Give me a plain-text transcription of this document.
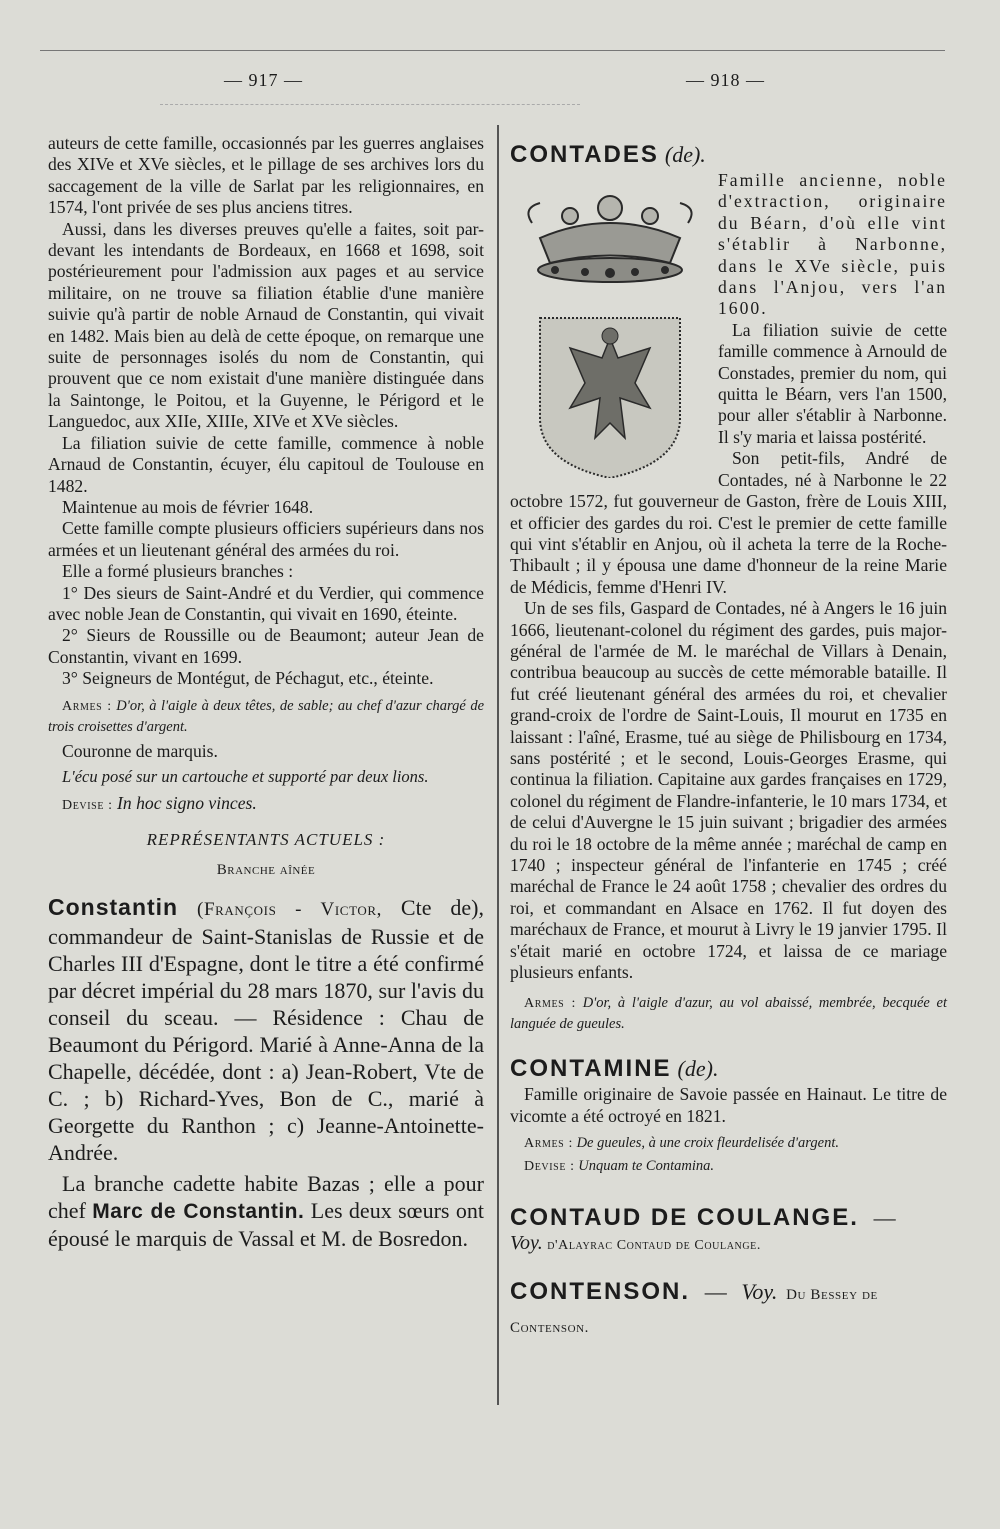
— 917 —	— 918 —

auteurs de cette famille, occasionnés par les guerres anglaises des XIVe et XVe siècles, et le pillage de ses archives lors du saccagement de la ville de Sarlat par les religionnaires, en 1574, l'ont privée de ses plus anciens titres.

Aussi, dans les diverses preuves qu'elle a faites, soit par-devant les intendants de Bordeaux, en 1668 et 1698, soit postérieurement pour l'admission aux pages et au service militaire, on ne trouve sa filiation établie d'une manière suivie qu'à partir de noble Arnaud de Constantin, qui vivait en 1482. Mais bien au delà de cette époque, on remarque une suite de personnages isolés du nom de Constantin, qui prouvent que ce nom existait d'une manière distinguée dans la Saintonge, le Poitou, et la Guyenne, le Périgord et le Languedoc, aux XIIe, XIIIe, XIVe et XVe siècles.

La filiation suivie de cette famille, commence à noble Arnaud de Constantin, écuyer, élu capitoul de Toulouse en 1482.

Maintenue au mois de février 1648.

Cette famille compte plusieurs officiers supérieurs dans nos armées et un lieutenant général des armées du roi.

Elle a formé plusieurs branches :

1° Des sieurs de Saint-André et du Verdier, qui commence avec noble Jean de Constantin, qui vivait en 1690, éteinte.

2° Sieurs de Roussille ou de Beaumont; auteur Jean de Constantin, vivant en 1699.

3° Seigneurs de Montégut, de Péchagut, etc., éteinte.

Armes : D'or, à l'aigle à deux têtes, de sable; au chef d'azur chargé de trois croisettes d'argent.

Couronne de marquis.

L'écu posé sur un cartouche et supporté par deux lions.

Devise : In hoc signo vinces.

REPRÉSENTANTS ACTUELS :
Branche aînée

Constantin (François - Victor, Cte de), commandeur de Saint-Stanislas de Russie et de Charles III d'Espagne, dont le titre a été confirmé par décret impérial du 28 mars 1870, sur l'avis du conseil du sceau. — Résidence : Chau de Beaumont du Périgord. Marié à Anne-Anna de la Chapelle, décédée, dont : a) Jean-Robert, Vte de C. ; b) Richard-Yves, Bon de C., marié à Georgette du Ranthon ; c) Jeanne-Antoinette-Andrée.

La branche cadette habite Bazas ; elle a pour chef Marc de Constantin. Les deux sœurs ont épousé le marquis de Vassal et M. de Bosredon.

CONTADES (de).

Famille ancienne, noble d'extraction, originaire du Béarn, d'où elle vint s'établir à Narbonne, dans le XVe siècle, puis dans l'Anjou, vers l'an 1600.

La filiation suivie de cette famille commence à Arnould de Constades, premier du nom, qui quitta le Béarn, vers l'an 1500, pour aller s'établir à Narbonne. Il s'y maria et laissa postérité.

Son petit-fils, André de Contades, né à Narbonne le 22 octobre 1572, fut gouverneur de Gaston, frère de Louis XIII, et officier des gardes du roi. C'est le premier de cette famille qui vint s'établir en Anjou, où il acheta la terre de la Roche-Thibault ; il y épousa une dame d'honneur de la reine Marie de Médicis, femme d'Henri IV.

Un de ses fils, Gaspard de Contades, né à Angers le 16 juin 1666, lieutenant-colonel du régiment des gardes, puis major-général de l'armée de M. le maréchal de Villars à Denain, contribua beaucoup au succès de cette mémorable bataille. Il fut créé lieutenant général des armées du roi, et chevalier grand-croix de l'ordre de Saint-Louis, Il mourut en 1735 en laissant : l'aîné, Erasme, tué au siège de Philisbourg en 1734, sans postérité ; et le second, Louis-Georges Erasme, qui continua la filiation. Capitaine aux gardes françaises en 1729, colonel du régiment de Flandre-infanterie, le 10 mars 1734, et de celui d'Auvergne le 15 juin suivant ; brigadier des armées du roi le 18 octobre de la même année ; maréchal de camp en 1740 ; inspecteur général de l'infanterie en 1745 ; créé maréchal de France le 24 août 1758 ; chevalier des ordres du roi, et commandant en Alsace en 1762. Il fut doyen des maréchaux de France, et mourut à Livry le 19 janvier 1795. Il s'était marié en octobre 1724, et laissa de ce mariage plusieurs enfants.

Armes : D'or, à l'aigle d'azur, au vol abaissé, membrée, becquée et languée de gueules.

CONTAMINE (de).

Famille originaire de Savoie passée en Hainaut. Le titre de vicomte a été octroyé en 1821.

Armes : De gueules, à une croix fleurdelisée d'argent.

Devise : Unquam te Contamina.

CONTAUD DE COULANGE. —

Voy. d'Alayrac Contaud de Coulange.

CONTENSON. — Voy. Du Bessey de Contenson.
